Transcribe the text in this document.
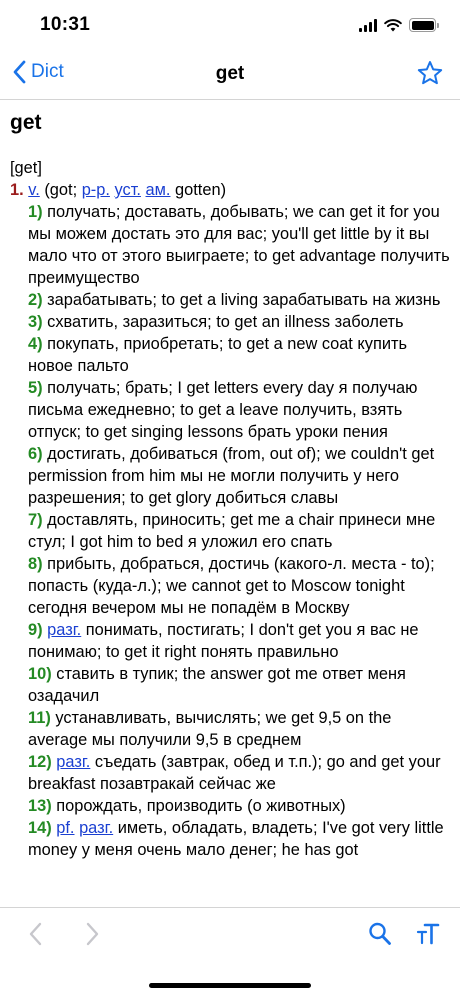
10:31
Dict	get
get
[get]
1. v. (got; p-p. уст. ам. gotten)
1) получать; доставать, добывать; we can get it for you мы можем достать это для вас; you'll get little by it вы мало что от этого выиграете; to get advantage получить преимущество
2) зарабатывать; to get a living зарабатывать на жизнь
3) схватить, заразиться; to get an illness заболеть
4) покупать, приобретать; to get a new coat купить новое пальто
5) получать; брать; I get letters every day я получаю письма ежедневно; to get a leave получить, взять отпуск; to get singing lessons брать уроки пения
6) достигать, добиваться (from, out of); we couldn't get permission from him мы не могли получить у него разрешения; to get glory добиться славы
7) доставлять, приносить; get me a chair принеси мне стул; I got him to bed я уложил его спать
8) прибыть, добраться, достичь (какого-л. места - to); попасть (куда-л.); we cannot get to Moscow tonight сегодня вечером мы не попадём в Москву
9) разг. понимать, постигать; I don't get you я вас не понимаю; to get it right понять правильно
10) ставить в тупик; the answer got me ответ меня озадачил
11) устанавливать, вычислять; we get 9,5 on the average мы получили 9,5 в среднем
12) разг. съедать (завтрак, обед и т.п.); go and get your breakfast позавтракай сейчас же
13) порождать, производить (о животных)
14) pf. разг. иметь, обладать, владеть; I've got very little money у меня очень мало денег; he has got
